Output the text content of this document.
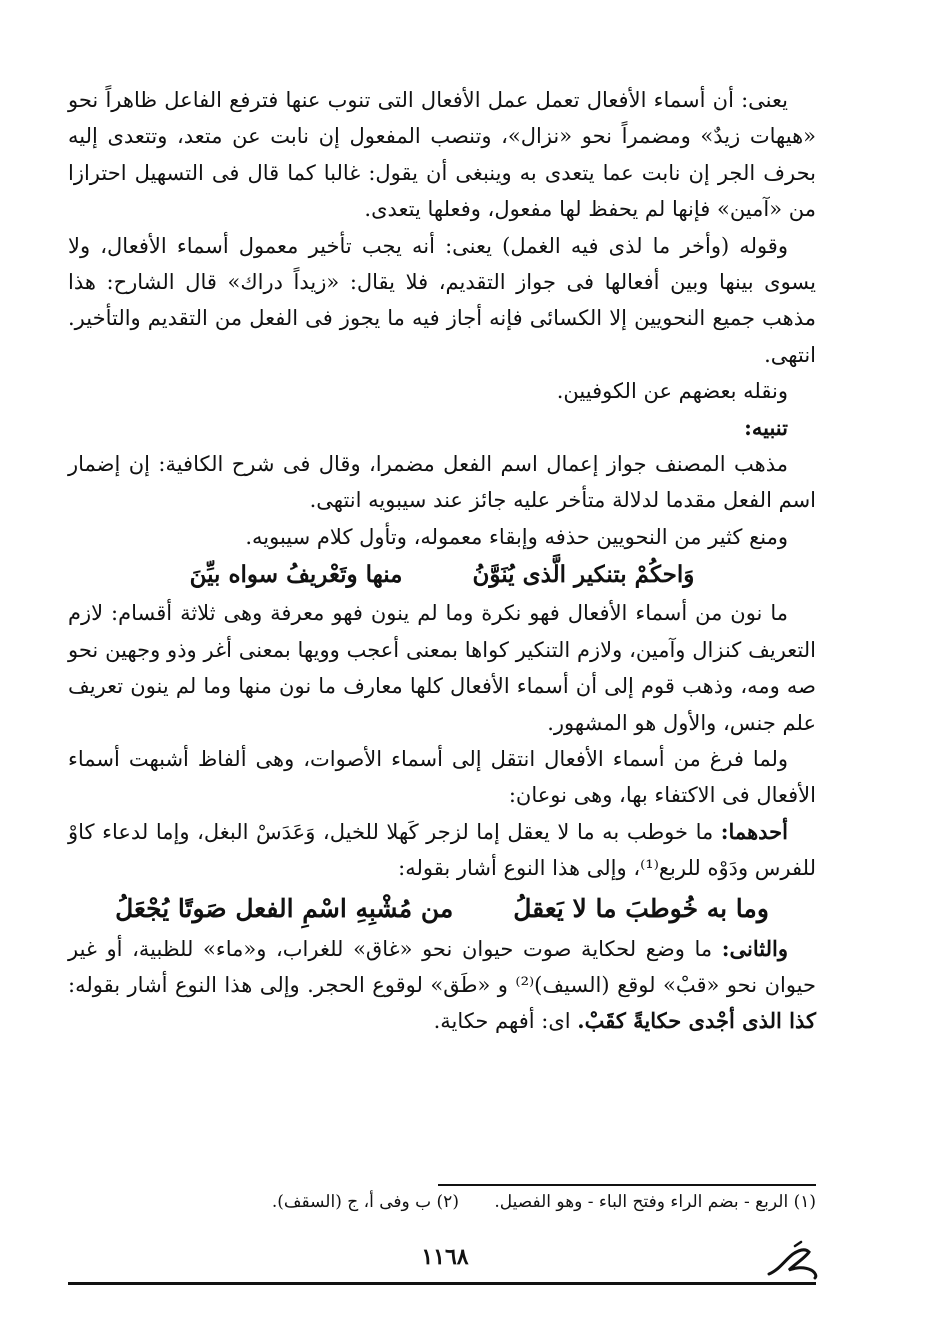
يعنى: أن أسماء الأفعال تعمل عمل الأفعال التى تنوب عنها فترفع الفاعل ظاهراً نحو «هيهات زيدٌ» ومضمراً نحو «نزال»، وتنصب المفعول إن نابت عن متعد، وتتعدى إليه بحرف الجر إن نابت عما يتعدى به وينبغى أن يقول: غالبا كما قال فى التسهيل احترازا من «آمين» فإنها لم يحفظ لها مفعول، وفعلها يتعدى.

وقوله (وأخر ما لذى فيه الغمل) يعنى: أنه يجب تأخير معمول أسماء الأفعال، ولا يسوى بينها وبين أفعالها فى جواز التقديم، فلا يقال: «زيداً دراك» قال الشارح: هذا مذهب جميع النحويين إلا الكسائى فإنه أجاز فيه ما يجوز فى الفعل من التقديم والتأخير. انتهى.

ونقله بعضهم عن الكوفيين.

تنبيه:

مذهب المصنف جواز إعمال اسم الفعل مضمرا، وقال فى شرح الكافية: إن إضمار اسم الفعل مقدما لدلالة متأخر عليه جائز عند سيبويه انتهى.

ومنع كثير من النحويين حذفه وإبقاء معموله، وتأول كلام سيبويه.

وَاحكُمْ بتنكير الَّذى يُنَوَّنُ
منها وتَعْريفُ سواه بيِّنَ

ما نون من أسماء الأفعال فهو نكرة وما لم ينون فهو معرفة وهى ثلاثة أقسام: لازم التعريف كنزال وآمين، ولازم التنكير كواها بمعنى أعجب وويها بمعنى أغر وذو وجهين نحو صه ومه، وذهب قوم إلى أن أسماء الأفعال كلها معارف ما نون منها وما لم ينون تعريف علم جنس، والأول هو المشهور.

ولما فرغ من أسماء الأفعال انتقل إلى أسماء الأصوات، وهى ألفاظ أشبهت أسماء الأفعال فى الاكتفاء بها، وهى نوعان:

أحدهما: ما خوطب به ما لا يعقل إما لزجر كَهلا للخيل، وَعَدَسْ البغل، وإما لدعاء كاوْ للفرس ودَوْه للربع⁽¹⁾، وإلى هذا النوع أشار بقوله:

وما به خُوطبَ ما لا يَعقلُ
من مُشْبِهِ اسْمِ الفعل صَوتًا يُجْعَلُ

والثانى: ما وضع لحكاية صوت حيوان نحو «غاق» للغراب، و«ماء» للظبية، أو غير حيوان نحو «قبْ» لوقع (السيف)⁽²⁾ و «طَق» لوقوع الحجر. وإلى هذا النوع أشار بقوله: كذا الذى أجْدى حكايةً كقَبْ. اى: أفهم حكاية.

(١) الربع - بضم الراء وفتح الباء - وهو الفصيل. (٢) ب وفى أ، ج (السقف).
١١٦٨
